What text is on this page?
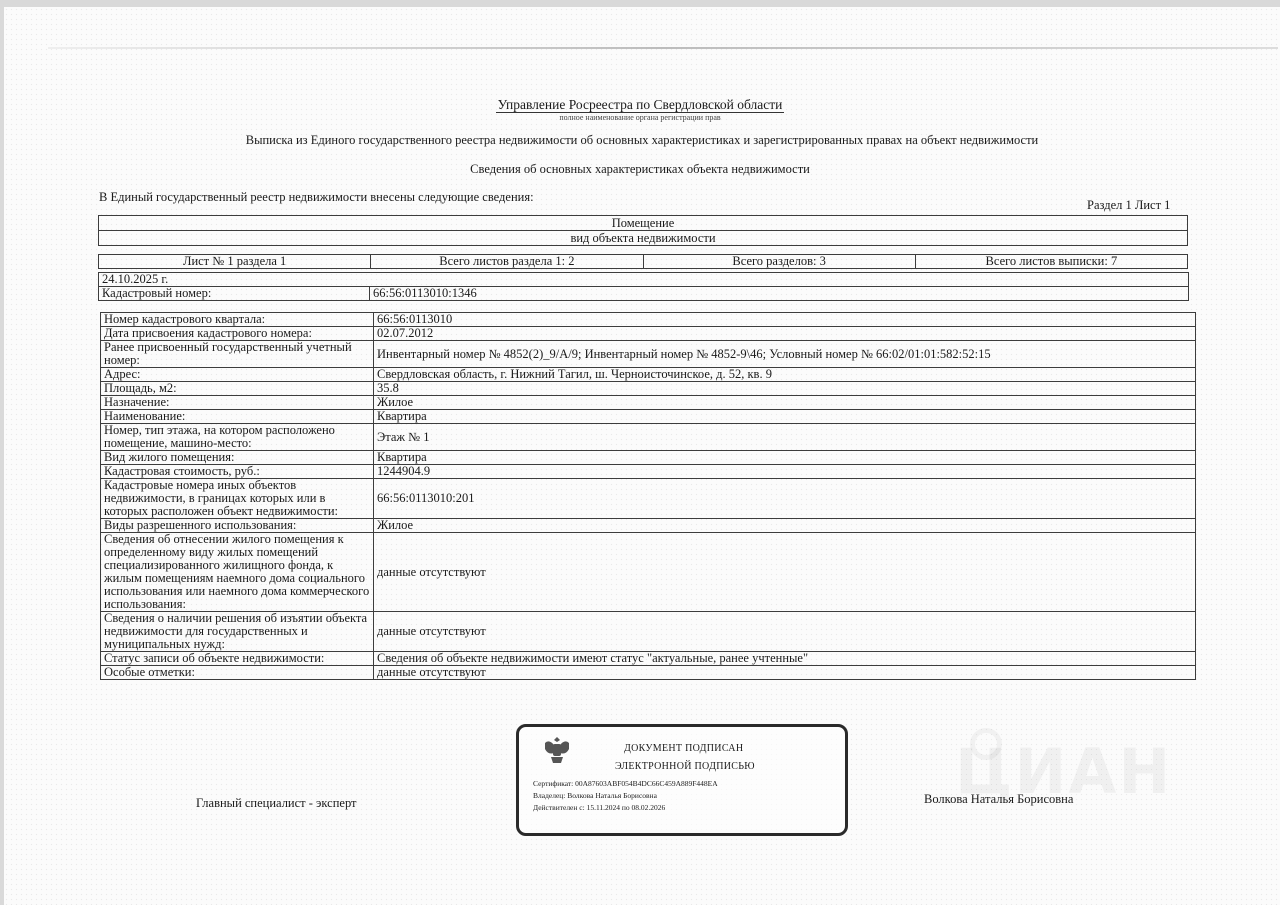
Управление Росреестра по Свердловской области
полное наименование органа регистрации прав
Выписка из Единого государственного реестра недвижимости об основных характеристиках и зарегистрированных правах на объект недвижимости
Сведения об основных характеристиках объекта недвижимости
В Единый государственный реестр недвижимости внесены следующие сведения:
Раздел 1 Лист 1
Помещение
вид объекта недвижимости
Лист № 1 раздела 1	Всего листов раздела 1: 2	Всего разделов: 3	Всего листов выписки: 7
24.10.2025 г.
Кадастровый номер:	66:56:0113010:1346
Номер кадастрового квартала:	66:56:0113010
Дата присвоения кадастрового номера:	02.07.2012
Ранее присвоенный государственный учетный номер:	Инвентарный номер № 4852(2)_9/А/9; Инвентарный номер № 4852-9\46; Условный номер № 66:02/01:01:582:52:15
Адрес:	Свердловская область, г. Нижний Тагил, ш. Черноисточинское, д. 52, кв. 9
Площадь, м2:	35.8
Назначение:	Жилое
Наименование:	Квартира
Номер, тип этажа, на котором расположено помещение, машино-место:	Этаж № 1
Вид жилого помещения:	Квартира
Кадастровая стоимость, руб.:	1244904.9
Кадастровые номера иных объектов недвижимости, в границах которых или в которых расположен объект недвижимости:	66:56:0113010:201
Виды разрешенного использования:	Жилое
Сведения об отнесении жилого помещения к определенному виду жилых помещений специализированного жилищного фонда, к жилым помещениям наемного дома социального использования или наемного дома коммерческого использования:	данные отсутствуют
Сведения о наличии решения об изъятии объекта недвижимости для государственных и муниципальных нужд:	данные отсутствуют
Статус записи об объекте недвижимости:	Сведения об объекте недвижимости имеют статус "актуальные, ранее учтенные"
Особые отметки:	данные отсутствуют
ДОКУМЕНТ ПОДПИСАН
ЭЛЕКТРОННОЙ ПОДПИСЬЮ
Сертификат: 00A87603ABF054B4DC66C459A889F448EA
Владелец: Волкова Наталья Борисовна
Действителен с: 15.11.2024 по 08.02.2026
Главный специалист - эксперт	Волкова Наталья Борисовна
